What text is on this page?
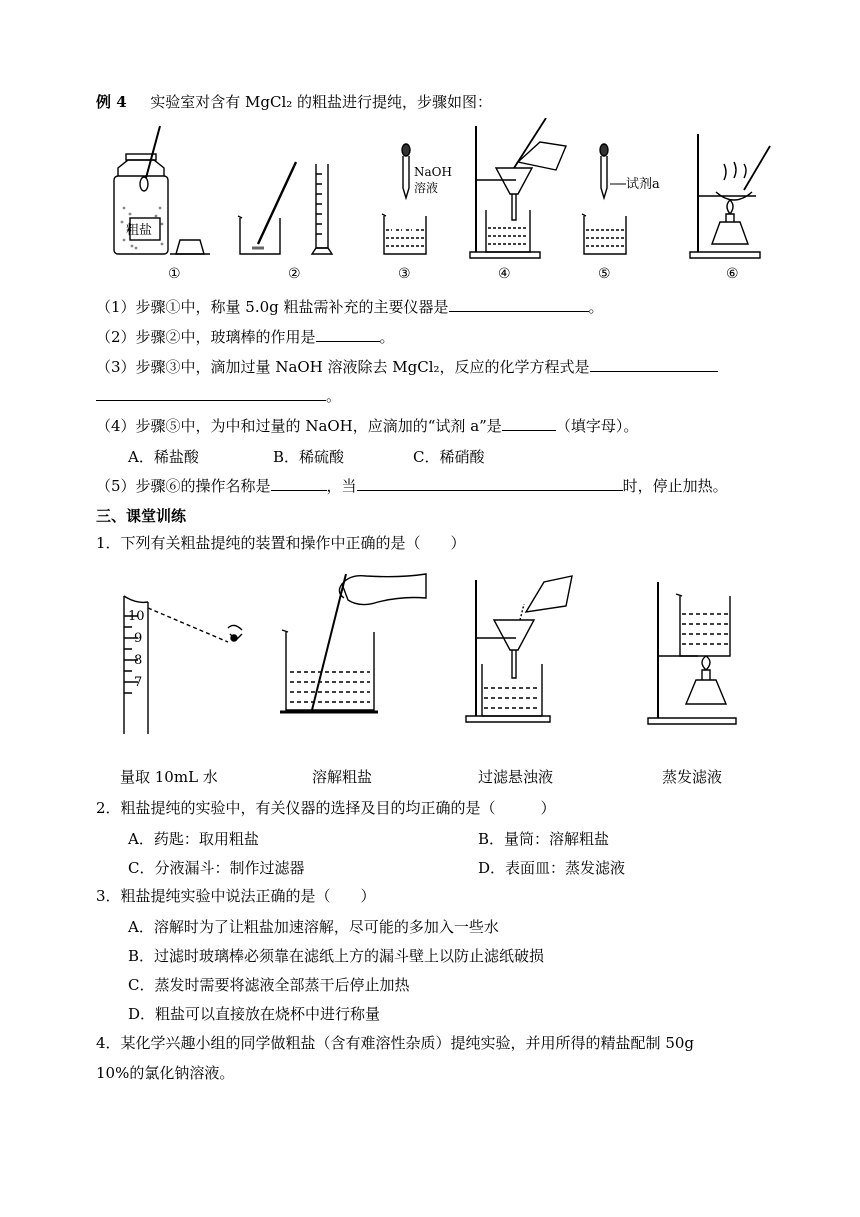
例 4 实验室对含有 MgCl₂ 的粗盐进行提纯，步骤如图：
粗盐
NaOH
溶液	试剂a
①	②	③	④	⑤	⑥
（1）步骤①中，称量 5.0g 粗盐需补充的主要仪器是	。
（2）步骤②中，玻璃棒的作用是	。
（3）步骤③中，滴加过量 NaOH 溶液除去 MgCl₂，反应的化学方程式是
。
（4）步骤⑤中，为中和过量的 NaOH，应滴加的“试剂 a”是	（填字母）。
A．稀盐酸	B．稀硫酸	C．稀硝酸
（5）步骤⑥的操作名称是	，当	时，停止加热。
三、课堂训练
1．下列有关粗盐提纯的装置和操作中正确的是（　　）
10
9
8
7
量取 10mL 水	溶解粗盐	过滤悬浊液	蒸发滤液
2．粗盐提纯的实验中，有关仪器的选择及目的均正确的是（　　　）
A．药匙：取用粗盐	B．量筒：溶解粗盐
C．分液漏斗：制作过滤器	D．表面皿：蒸发滤液
3．粗盐提纯实验中说法正确的是（　　）
A．溶解时为了让粗盐加速溶解，尽可能的多加入一些水
B．过滤时玻璃棒必须靠在滤纸上方的漏斗壁上以防止滤纸破损
C．蒸发时需要将滤液全部蒸干后停止加热
D．粗盐可以直接放在烧杯中进行称量
4．某化学兴趣小组的同学做粗盐（含有难溶性杂质）提纯实验，并用所得的精盐配制 50g
10%的氯化钠溶液。
